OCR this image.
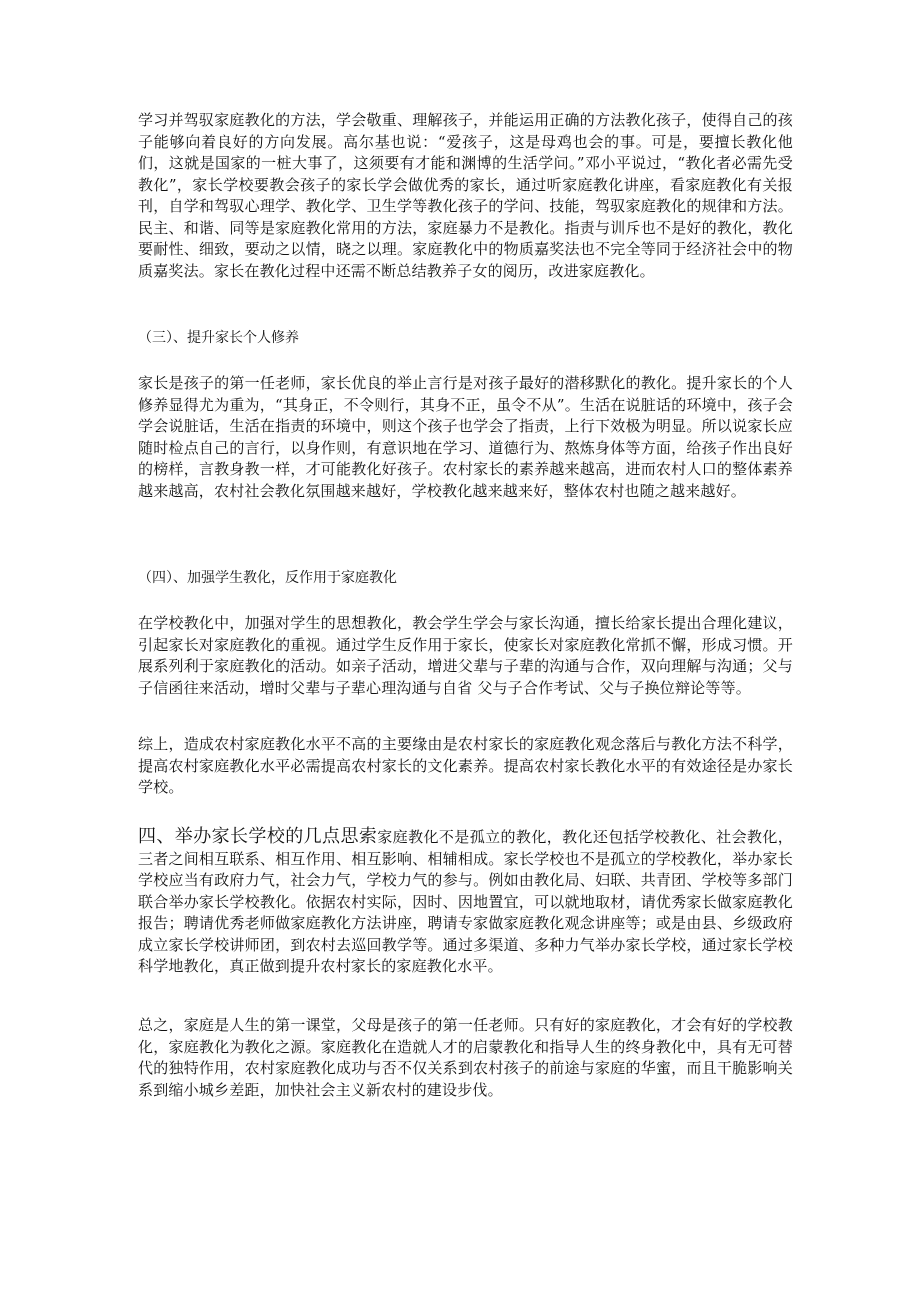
学习并驾驭家庭教化的方法，学会敬重、理解孩子，并能运用正确的方法教化孩子，使得自己的孩子能够向着良好的方向发展。高尔基也说：“爱孩子，这是母鸡也会的事。可是，要擅长教化他们，这就是国家的一桩大事了，这须要有才能和渊博的生活学问。”邓小平说过，“教化者必需先受教化”，家长学校要教会孩子的家长学会做优秀的家长，通过听家庭教化讲座，看家庭教化有关报刊，自学和驾驭心理学、教化学、卫生学等教化孩子的学问、技能，驾驭家庭教化的规律和方法。民主、和谐、同等是家庭教化常用的方法，家庭暴力不是教化。指责与训斥也不是好的教化，教化要耐性、细致，要动之以情，晓之以理。家庭教化中的物质嘉奖法也不完全等同于经济社会中的物质嘉奖法。家长在教化过程中还需不断总结教养子女的阅历，改进家庭教化。

（三）、提升家长个人修养

家长是孩子的第一任老师，家长优良的举止言行是对孩子最好的潜移默化的教化。提升家长的个人修养显得尤为重为，“其身正，不令则行，其身不正，虽令不从”。生活在说脏话的环境中，孩子会学会说脏话，生活在指责的环境中，则这个孩子也学会了指责，上行下效极为明显。所以说家长应随时检点自己的言行，以身作则，有意识地在学习、道德行为、熬炼身体等方面，给孩子作出良好的榜样，言教身教一样，才可能教化好孩子。农村家长的素养越来越高，进而农村人口的整体素养越来越高，农村社会教化氛围越来越好，学校教化越来越来好，整体农村也随之越来越好。

（四）、加强学生教化，反作用于家庭教化

在学校教化中，加强对学生的思想教化，教会学生学会与家长沟通，擅长给家长提出合理化建议，引起家长对家庭教化的重视。通过学生反作用于家长，使家长对家庭教化常抓不懈，形成习惯。开展系列利于家庭教化的活动。如亲子活动，增进父辈与子辈的沟通与合作，双向理解与沟通；父与子信函往来活动，增时父辈与子辈心理沟通与自省 父与子合作考试、父与子换位辩论等等。

综上，造成农村家庭教化水平不高的主要缘由是农村家长的家庭教化观念落后与教化方法不科学，提高农村家庭教化水平必需提高农村家长的文化素养。提高农村家长教化水平的有效途径是办家长学校。

四、举办家长学校的几点思索家庭教化不是孤立的教化，教化还包括学校教化、社会教化，三者之间相互联系、相互作用、相互影响、相辅相成。家长学校也不是孤立的学校教化，举办家长学校应当有政府力气，社会力气，学校力气的参与。例如由教化局、妇联、共青团、学校等多部门联合举办家长学校教化。依据农村实际，因时、因地置宜，可以就地取材，请优秀家长做家庭教化报告；聘请优秀老师做家庭教化方法讲座，聘请专家做家庭教化观念讲座等；或是由县、乡级政府成立家长学校讲师团，到农村去巡回教学等。通过多渠道、多种力气举办家长学校，通过家长学校科学地教化，真正做到提升农村家长的家庭教化水平。

总之，家庭是人生的第一课堂，父母是孩子的第一任老师。只有好的家庭教化，才会有好的学校教化，家庭教化为教化之源。家庭教化在造就人才的启蒙教化和指导人生的终身教化中，具有无可替代的独特作用，农村家庭教化成功与否不仅关系到农村孩子的前途与家庭的华蜜，而且干脆影响关系到缩小城乡差距，加快社会主义新农村的建设步伐。
